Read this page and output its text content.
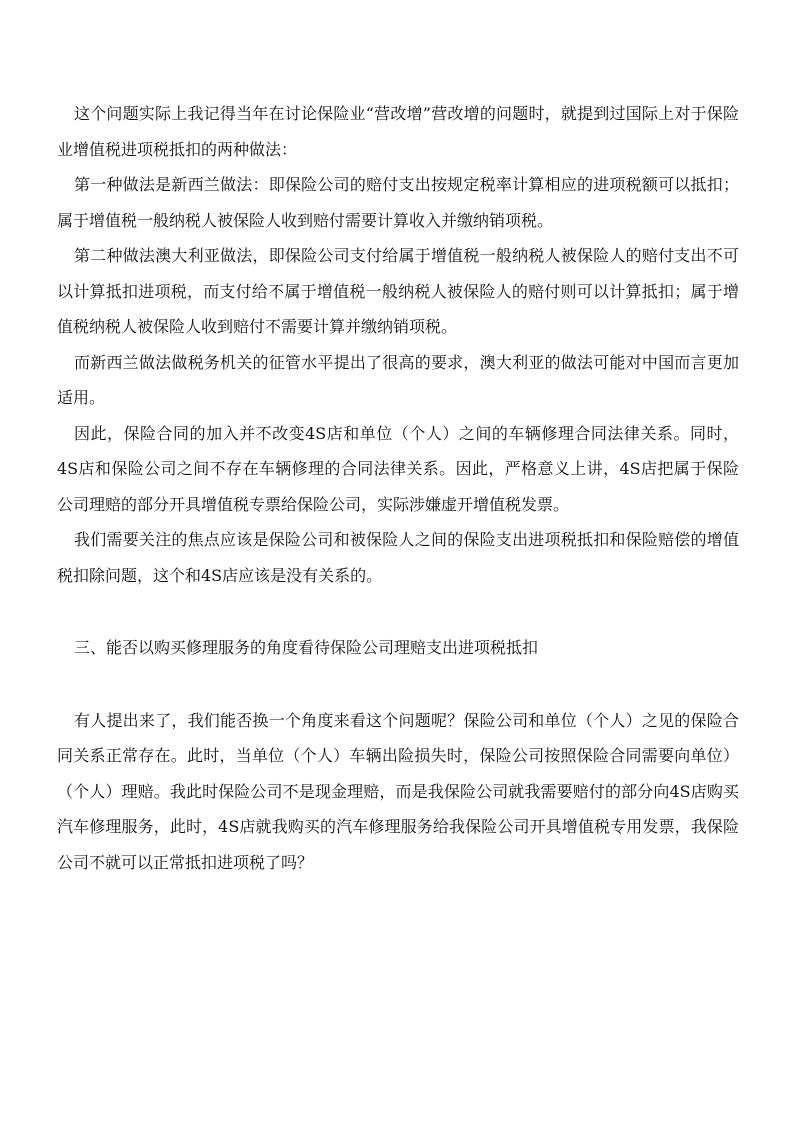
这个问题实际上我记得当年在讨论保险业“营改增”营改增的问题时，就提到过国际上对于保险业增值税进项税抵扣的两种做法：

第一种做法是新西兰做法：即保险公司的赔付支出按规定税率计算相应的进项税额可以抵扣；属于增值税一般纳税人被保险人收到赔付需要计算收入并缴纳销项税。

第二种做法澳大利亚做法，即保险公司支付给属于增值税一般纳税人被保险人的赔付支出不可以计算抵扣进项税，而支付给不属于增值税一般纳税人被保险人的赔付则可以计算抵扣；属于增值税纳税人被保险人收到赔付不需要计算并缴纳销项税。

而新西兰做法做税务机关的征管水平提出了很高的要求，澳大利亚的做法可能对中国而言更加适用。

因此，保险合同的加入并不改变4S店和单位（个人）之间的车辆修理合同法律关系。同时，4S店和保险公司之间不存在车辆修理的合同法律关系。因此，严格意义上讲，4S店把属于保险公司理赔的部分开具增值税专票给保险公司，实际涉嫌虚开增值税发票。

我们需要关注的焦点应该是保险公司和被保险人之间的保险支出进项税抵扣和保险赔偿的增值税扣除问题，这个和4S店应该是没有关系的。

三、能否以购买修理服务的角度看待保险公司理赔支出进项税抵扣

有人提出来了，我们能否换一个角度来看这个问题呢？保险公司和单位（个人）之见的保险合同关系正常存在。此时，当单位（个人）车辆出险损失时，保险公司按照保险合同需要向单位）（个人）理赔。我此时保险公司不是现金理赔，而是我保险公司就我需要赔付的部分向4S店购买汽车修理服务，此时，4S店就我购买的汽车修理服务给我保险公司开具增值税专用发票，我保险公司不就可以正常抵扣进项税了吗？
